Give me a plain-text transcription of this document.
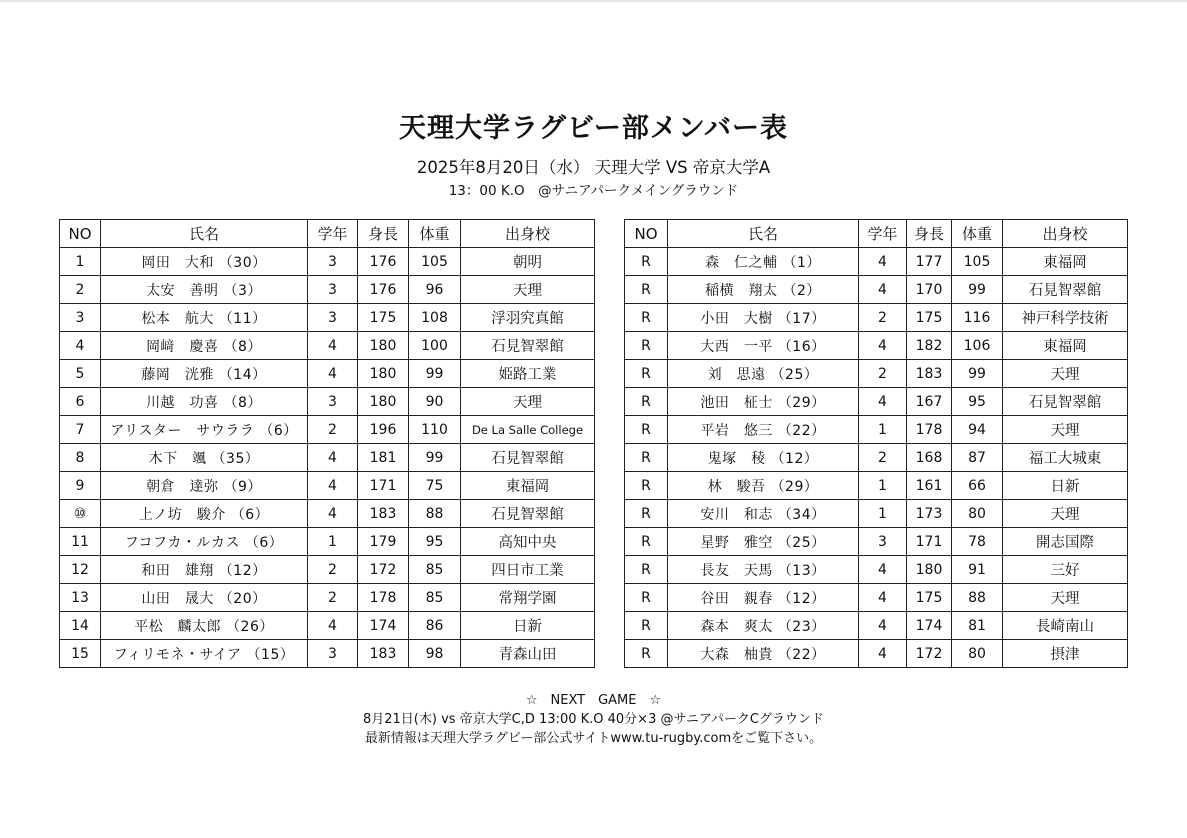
天理大学ラグビー部メンバー表
2025年8月20日（水） 天理大学 VS 帝京大学A
13：00 K.O　@サニアパークメイングラウンド
NO	氏名	学年	身長	体重	出身校
1	岡田　大和 （30）	3	176	105	朝明
2	太安　善明 （3）	3	176	96	天理
3	松本　航大 （11）	3	175	108	浮羽究真館
4	岡﨑　慶喜 （8）	4	180	100	石見智翠館
5	藤岡　洸雅 （14）	4	180	99	姫路工業
6	川越　功喜 （8）	3	180	90	天理
7	アリスター　サウララ （6）	2	196	110	De La Salle College
8	木下　颯 （35）	4	181	99	石見智翠館
9	朝倉　達弥 （9）	4	171	75	東福岡
⑩	上ノ坊　駿介 （6）	4	183	88	石見智翠館
11	フコフカ・ルカス （6）	1	179	95	高知中央
12	和田　雄翔 （12）	2	172	85	四日市工業
13	山田　晟大 （20）	2	178	85	常翔学園
14	平松　麟太郎 （26）	4	174	86	日新
15	フィリモネ・サイア （15）	3	183	98	青森山田
NO	氏名	学年	身長	体重	出身校
R	森　仁之輔 （1）	4	177	105	東福岡
R	稲横　翔太 （2）	4	170	99	石見智翠館
R	小田　大樹 （17）	2	175	116	神戸科学技術
R	大西　一平 （16）	4	182	106	東福岡
R	刘　思遠 （25）	2	183	99	天理
R	池田　柾士 （29）	4	167	95	石見智翠館
R	平岩　悠三 （22）	1	178	94	天理
R	鬼塚　稜 （12）	2	168	87	福工大城東
R	林　駿吾 （29）	1	161	66	日新
R	安川　和志 （34）	1	173	80	天理
R	星野　雅空 （25）	3	171	78	開志国際
R	長友　天馬 （13）	4	180	91	三好
R	谷田　親春 （12）	4	175	88	天理
R	森本　爽太 （23）	4	174	81	長崎南山
R	大森　柚貴 （22）	4	172	80	摂津
☆　NEXT　GAME　☆
8月21日(木) vs 帝京大学C,D 13:00 K.O 40分×3 @サニアパークCグラウンド
最新情報は天理大学ラグビー部公式サイトwww.tu-rugby.comをご覧下さい。
